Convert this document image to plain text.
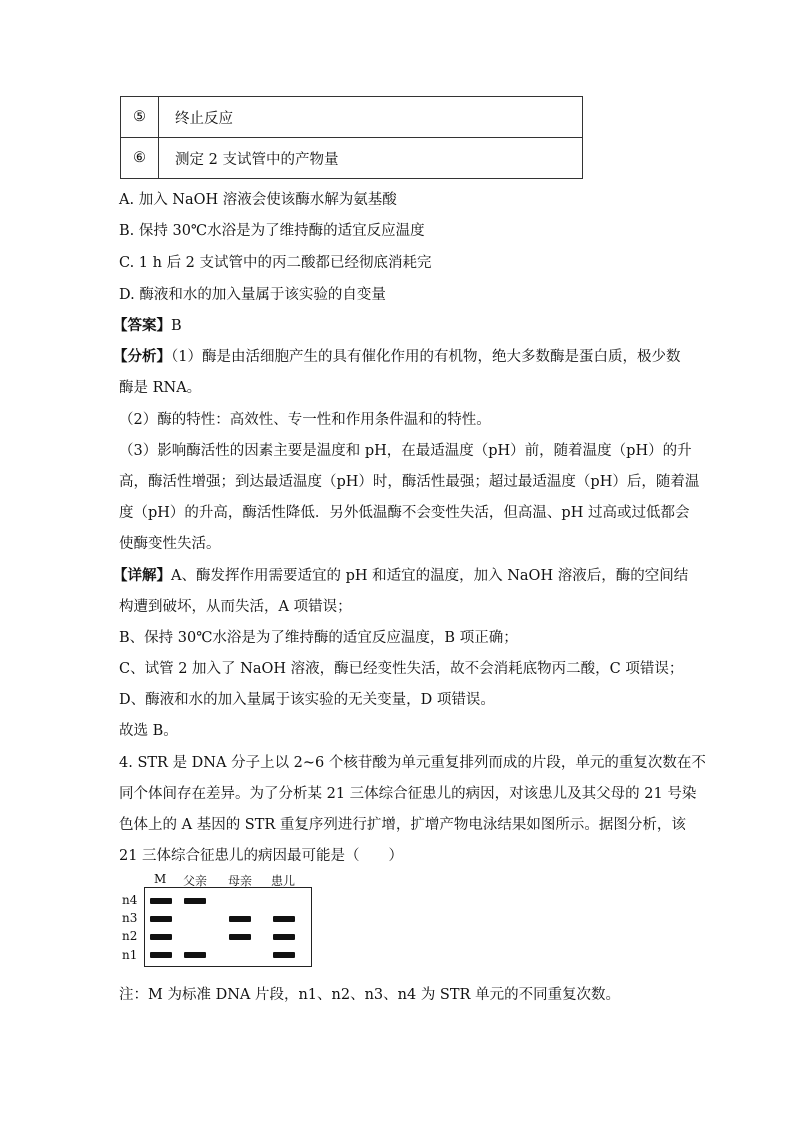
⑤	终止反应
⑥	测定 2 支试管中的产物量
A. 加入 NaOH 溶液会使该酶水解为氨基酸
B. 保持 30℃水浴是为了维持酶的适宜反应温度
C. 1 h 后 2 支试管中的丙二酸都已经彻底消耗完
D. 酶液和水的加入量属于该实验的自变量
【答案】B
【分析】（1）酶是由活细胞产生的具有催化作用的有机物，绝大多数酶是蛋白质，极少数
酶是 RNA。
（2）酶的特性：高效性、专一性和作用条件温和的特性。
（3）影响酶活性的因素主要是温度和 pH，在最适温度（pH）前，随着温度（pH）的升
高，酶活性增强；到达最适温度（pH）时，酶活性最强；超过最适温度（pH）后，随着温
度（pH）的升高，酶活性降低．另外低温酶不会变性失活，但高温、pH 过高或过低都会
使酶变性失活。
【详解】A、酶发挥作用需要适宜的 pH 和适宜的温度，加入 NaOH 溶液后，酶的空间结
构遭到破坏，从而失活，A 项错误；
B、保持 30℃水浴是为了维持酶的适宜反应温度，B 项正确；
C、试管 2 加入了 NaOH 溶液，酶已经变性失活，故不会消耗底物丙二酸，C 项错误；
D、酶液和水的加入量属于该实验的无关变量，D 项错误。
故选 B。
4. STR 是 DNA 分子上以 2~6 个核苷酸为单元重复排列而成的片段，单元的重复次数在不
同个体间存在差异。为了分析某 21 三体综合征患儿的病因，对该患儿及其父母的 21 号染
色体上的 A 基因的 STR 重复序列进行扩增，扩增产物电泳结果如图所示。据图分析，该
21 三体综合征患儿的病因最可能是（　　）
M 父亲 母亲 患儿
n4
n3
n2
n1
注：M 为标准 DNA 片段，n1、n2、n3、n4 为 STR 单元的不同重复次数。
